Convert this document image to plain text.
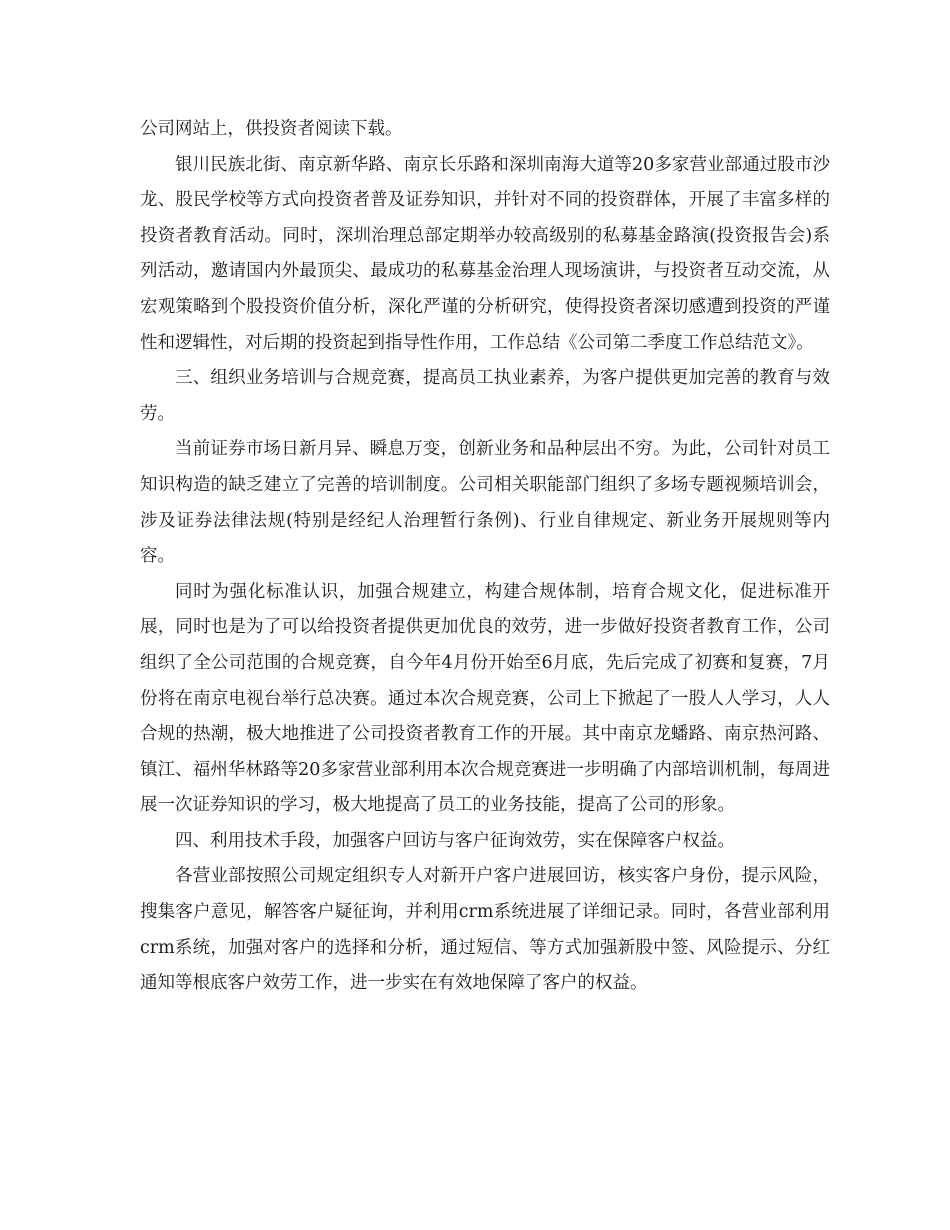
公司网站上，供投资者阅读下载。

银川民族北街、南京新华路、南京长乐路和深圳南海大道等20多家营业部通过股市沙龙、股民学校等方式向投资者普及证券知识，并针对不同的投资群体，开展了丰富多样的投资者教育活动。同时，深圳治理总部定期举办较高级别的私募基金路演(投资报告会)系列活动，邀请国内外最顶尖、最成功的私募基金治理人现场演讲，与投资者互动交流，从宏观策略到个股投资价值分析，深化严谨的分析研究，使得投资者深切感遭到投资的严谨性和逻辑性，对后期的投资起到指导性作用，工作总结《公司第二季度工作总结范文》。

三、组织业务培训与合规竞赛，提高员工执业素养，为客户提供更加完善的教育与效劳。

当前证券市场日新月异、瞬息万变，创新业务和品种层出不穷。为此，公司针对员工知识构造的缺乏建立了完善的培训制度。公司相关职能部门组织了多场专题视频培训会，涉及证券法律法规(特别是经纪人治理暂行条例)、行业自律规定、新业务开展规则等内容。

同时为强化标准认识，加强合规建立，构建合规体制，培育合规文化，促进标准开展，同时也是为了可以给投资者提供更加优良的效劳，进一步做好投资者教育工作，公司组织了全公司范围的合规竞赛，自今年4月份开始至6月底，先后完成了初赛和复赛，7月份将在南京电视台举行总决赛。通过本次合规竞赛，公司上下掀起了一股人人学习，人人合规的热潮，极大地推进了公司投资者教育工作的开展。其中南京龙蟠路、南京热河路、镇江、福州华林路等20多家营业部利用本次合规竞赛进一步明确了内部培训机制，每周进展一次证券知识的学习，极大地提高了员工的业务技能，提高了公司的形象。

四、利用技术手段，加强客户回访与客户征询效劳，实在保障客户权益。

各营业部按照公司规定组织专人对新开户客户进展回访，核实客户身份，提示风险，搜集客户意见，解答客户疑征询，并利用crm系统进展了详细记录。同时，各营业部利用crm系统，加强对客户的选择和分析，通过短信、等方式加强新股中签、风险提示、分红通知等根底客户效劳工作，进一步实在有效地保障了客户的权益。
